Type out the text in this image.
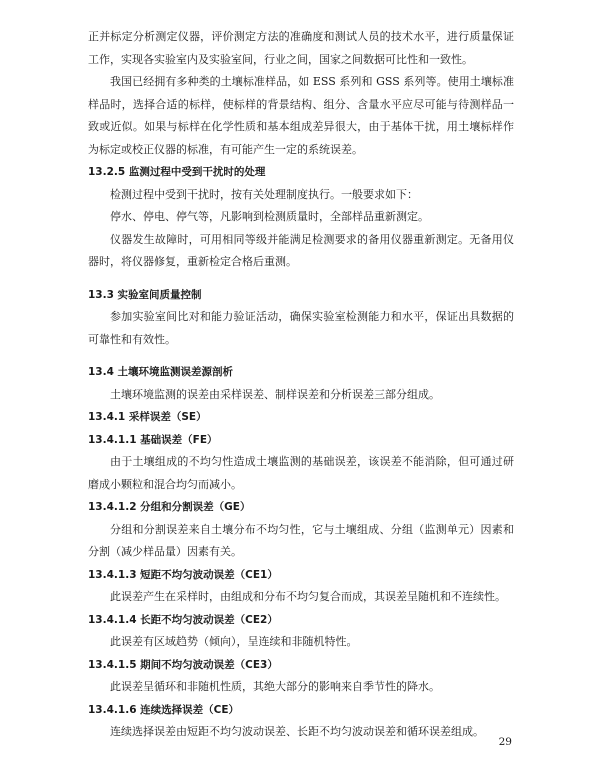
正并标定分析测定仪器，评价测定方法的准确度和测试人员的技术水平，进行质量保证工作，实现各实验室内及实验室间，行业之间，国家之间数据可比性和一致性。

我国已经拥有多种类的土壤标准样品，如 ESS 系列和 GSS 系列等。使用土壤标准样品时，选择合适的标样，使标样的背景结构、组分、含量水平应尽可能与待测样品一致或近似。如果与标样在化学性质和基本组成差异很大，由于基体干扰，用土壤标样作为标定或校正仪器的标准，有可能产生一定的系统误差。

13.2.5 监测过程中受到干扰时的处理

检测过程中受到干扰时，按有关处理制度执行。一般要求如下：

停水、停电、停气等，凡影响到检测质量时，全部样品重新测定。

仪器发生故障时，可用相同等级并能满足检测要求的备用仪器重新测定。无备用仪器时，将仪器修复，重新检定合格后重测。

13.3 实验室间质量控制

参加实验室间比对和能力验证活动，确保实验室检测能力和水平，保证出具数据的可靠性和有效性。

13.4 土壤环境监测误差源剖析

土壤环境监测的误差由采样误差、制样误差和分析误差三部分组成。

13.4.1 采样误差（SE）
13.4.1.1 基础误差（FE）

由于土壤组成的不均匀性造成土壤监测的基础误差，该误差不能消除，但可通过研磨成小颗粒和混合均匀而减小。

13.4.1.2 分组和分割误差（GE）

分组和分割误差来自土壤分布不均匀性，它与土壤组成、分组（监测单元）因素和分割（减少样品量）因素有关。

13.4.1.3 短距不均匀波动误差（CE1）

此误差产生在采样时，由组成和分布不均匀复合而成，其误差呈随机和不连续性。

13.4.1.4 长距不均匀波动误差（CE2）

此误差有区域趋势（倾向），呈连续和非随机特性。

13.4.1.5 期间不均匀波动误差（CE3）

此误差呈循环和非随机性质，其绝大部分的影响来自季节性的降水。

13.4.1.6 连续选择误差（CE）

连续选择误差由短距不均匀波动误差、长距不均匀波动误差和循环误差组成。

29
